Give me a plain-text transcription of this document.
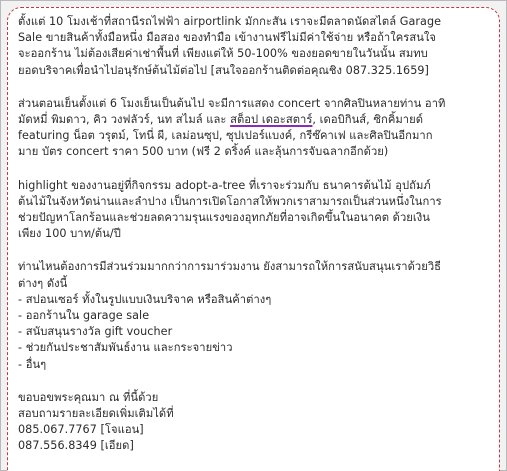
ตั้งแต่ 10 โมงเช้าที่สถานีรถไฟฟ้า airportlink มักกะสัน เราจะมีตลาดนัดสไตล์ Garage
Sale ขายสินค้าทั้งมือหนึ่ง มือสอง ของทำมือ เข้างานฟรีไม่มีค่าใช้จ่าย หรือถ้าใครสนใจ
จะออกร้าน ไม่ต้องเสียค่าเช่าพื้นที่ เพียงแต่ให้ 50-100% ของยอดขายในวันนั้น สมทบ
ยอดบริจาคเพื่อนำไปอนุรักษ์ต้นไม้ต่อไป [สนใจออกร้านติดต่อคุณชิง 087.325.1659]

ส่วนตอนเย็นตั้งแต่ 6 โมงเย็นเป็นต้นไป จะมีการแสดง concert จากศิลปินหลายท่าน อาทิ
มัดหมี่ พิมดาว, คิว วงฟลัวร์, นท สไมล์ และ สต็อป เดอะสตาร์, เดอบิกินส์, ซิกคิ้มายด์
featuring น็อต วรุตม์, โทนี่ ผี, เลม่อนซุป, ซุปเปอร์แบงค์, กรีซ๊คาเฟ และศิลปินอีกมาก
มาย บัตร concert ราคา 500 บาท (ฟรี 2 ดริ้งค์ และลุ้นการจับฉลากอีกด้วย)

highlight ของงานอยู่ที่กิจกรรม adopt-a-tree ที่เราจะร่วมกับ ธนาคารต้นไม้ อุปถัมภ์
ต้นไม้ในจังหวัดน่านและลำปาง เป็นการเปิดโอกาสให้พวกเราสามารถเป็นส่วนหนึ่งในการ
ช่วยปัญหาโลกร้อนและช่วยลดความรุนแรงของอุทกภัยที่อาจเกิดขึ้นในอนาคต ด้วยเงิน
เพียง 100 บาท/ต้น/ปี

ท่านไหนต้องการมีส่วนร่วมมากกว่าการมาร่วมงาน ยังสามารถให้การสนับสนุนเราด้วยวิธี
ต่างๆ ดังนี้
- สปอนเซอร์ ทั้งในรูปแบบเงินบริจาค หรือสินค้าต่างๆ
- ออกร้านใน garage sale
- สนับสนุนรางวัล gift voucher
- ช่วยกันประชาสัมพันธ์งาน และกระจายข่าว
- อื่นๆ

ขอบอขพระคุณมา ณ ที่นี้ด้วย
สอบถามรายละเอียดเพิ่มเติมได้ที่
085.067.7767 [โจแอน]
087.556.8349 [เอียด]
